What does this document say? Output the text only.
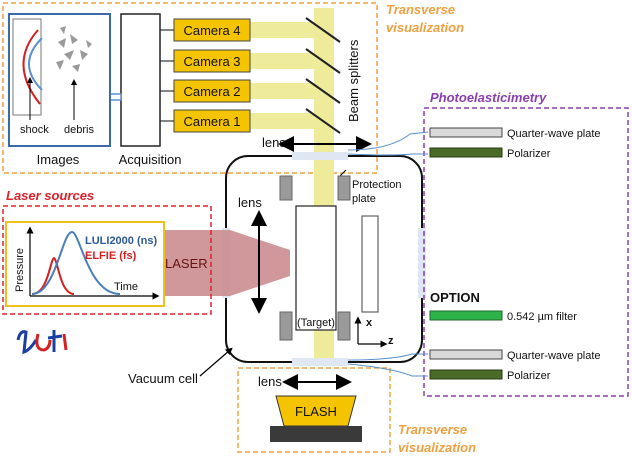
Transverse
visualization
Beam splitters
Camera 4
Camera 3
Camera 2
Camera 1
Acquisition
shock debris
Images
lens
LASER
lens
(Target)
Protection
plate
x
z
Vacuum cell
Laser sources
Pressure	Time
LULI2000 (ns)
ELFIE (fs)
Transverse
visualization
lens
FLASH
Photoelasticimetry
Quarter-wave plate
Polarizer
OPTION
0.542 µm filter
Quarter-wave plate
Polarizer
